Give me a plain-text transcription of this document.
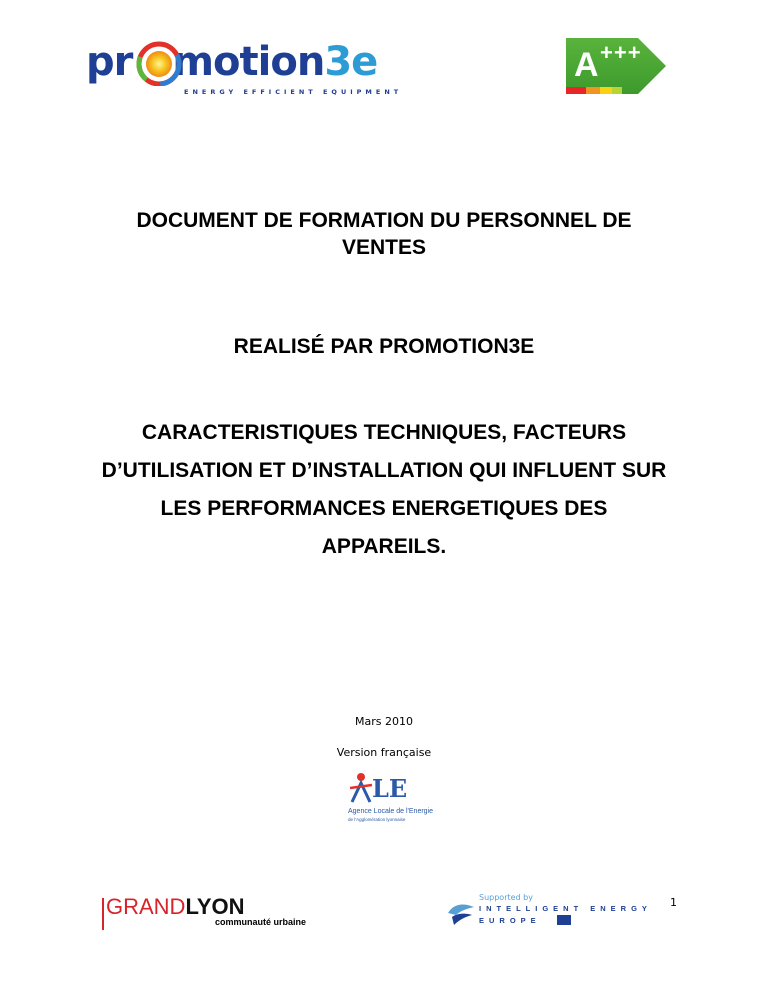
pr motion3e
ENERGY EFFICIENT EQUIPMENT
A +++
DOCUMENT DE FORMATION DU PERSONNEL DE VENTES
REALISÉ PAR PROMOTION3E
CARACTERISTIQUES TECHNIQUES, FACTEURS D’UTILISATION ET D’INSTALLATION QUI INFLUENT SUR LES PERFORMANCES ENERGETIQUES DES APPAREILS.
Mars 2010
Version française
LE
Agence Locale de l'Energie
de l'Agglomération lyonnaise
GRANDLYON
communauté urbaine
Supported by
INTELLIGENT ENERGY
EUROPE
1
